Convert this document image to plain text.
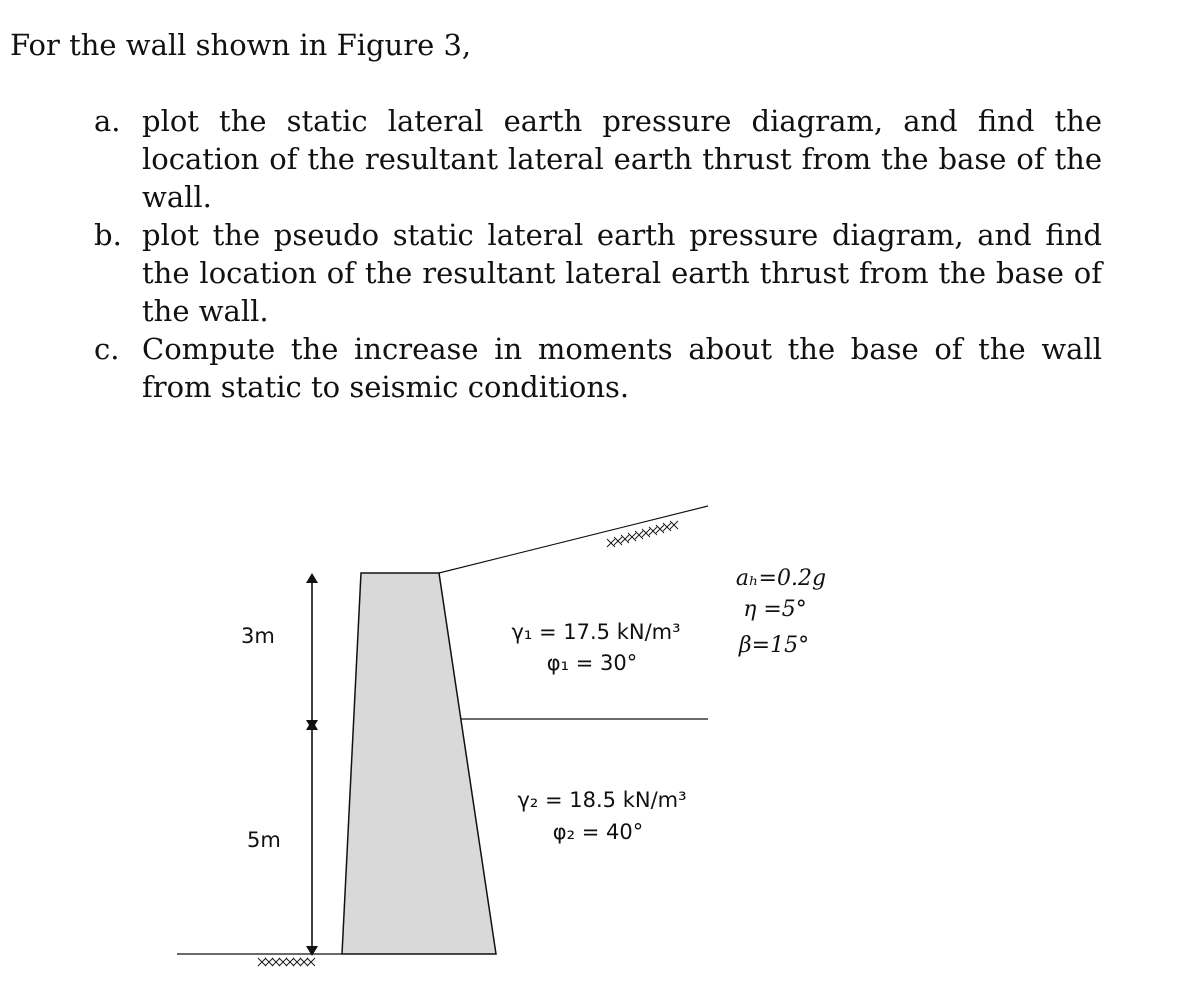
For the wall shown in Figure 3,

a. plot the static lateral earth pressure diagram, and find the location of the resultant lateral earth thrust from the base of the wall.
b. plot the pseudo static lateral earth pressure diagram, and find the location of the resultant lateral earth thrust from the base of the wall.
c. Compute the increase in moments about the base of the wall from static to seismic conditions.
3m
5m
γ₁ = 17.5 kN/m³
φ₁ = 30°
γ₂ = 18.5 kN/m³
φ₂ = 40°
aₕ=0.2g
η =5°
β=15°
